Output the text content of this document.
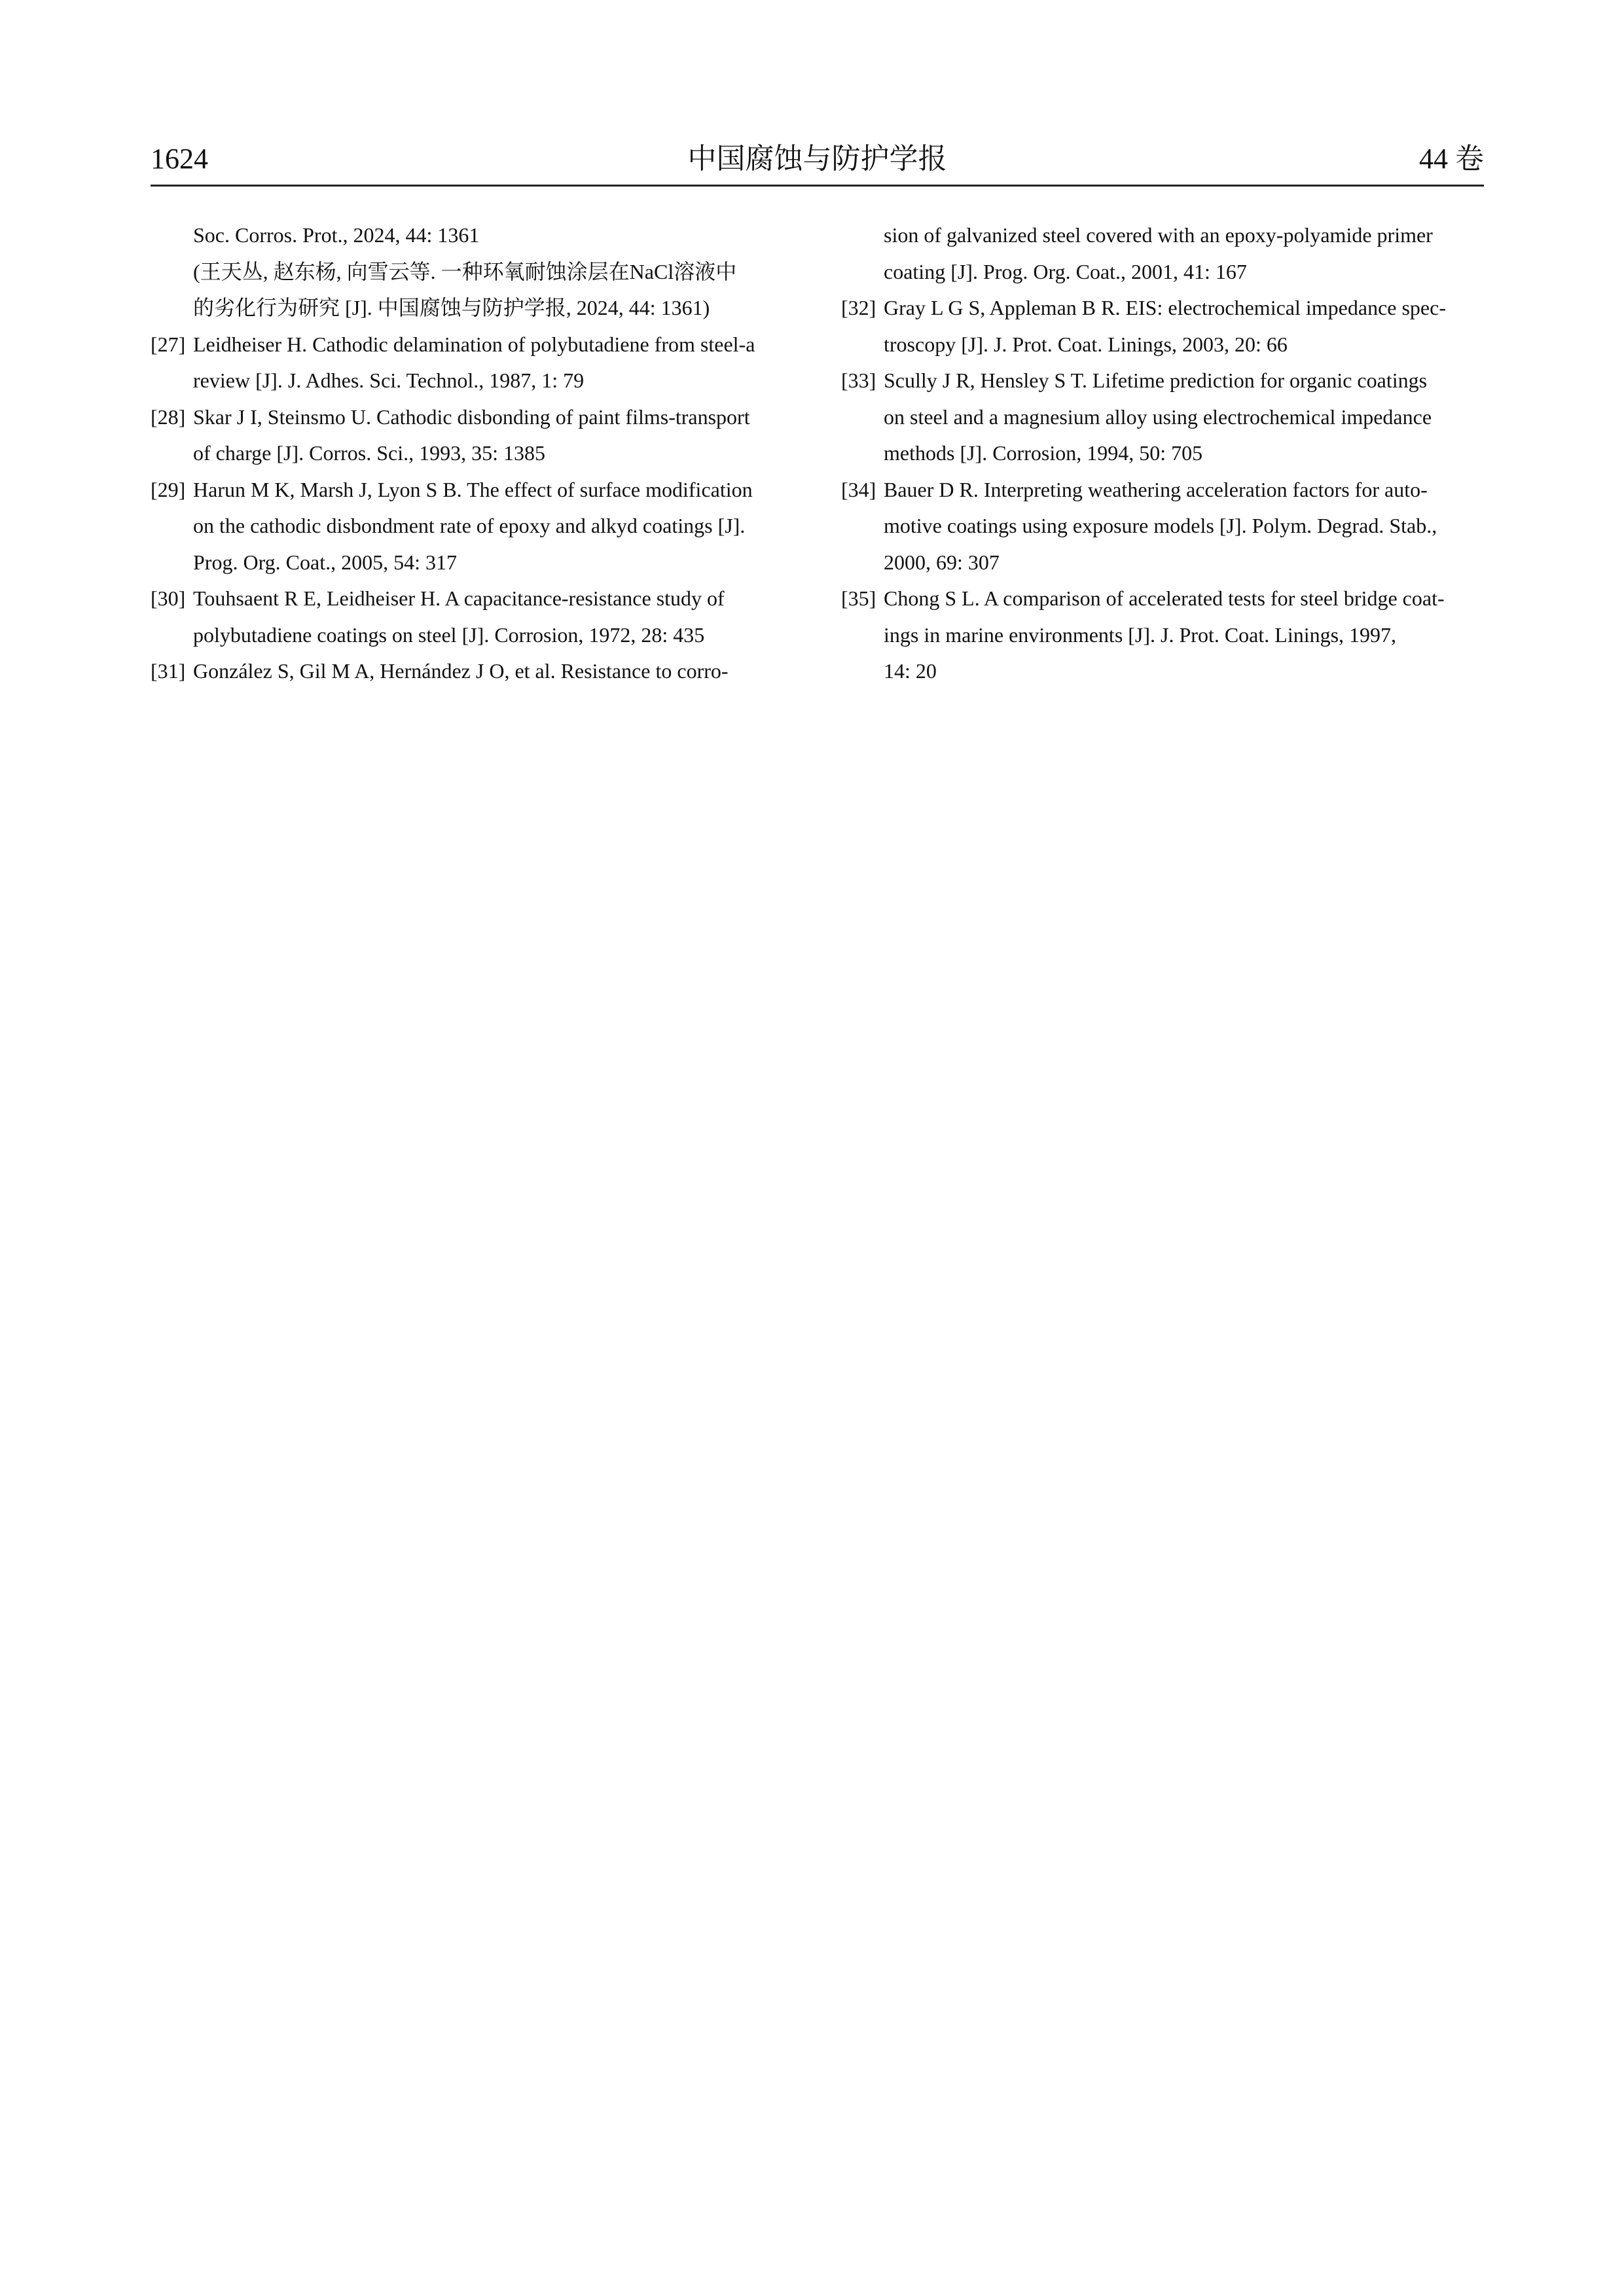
1624	中国腐蚀与防护学报	44 卷

Soc. Corros. Prot., 2024, 44: 1361

(王天丛, 赵东杨, 向雪云等. 一种环氧耐蚀涂层在NaCl溶液中

的劣化行为研究 [J]. 中国腐蚀与防护学报, 2024, 44: 1361)

[27] Leidheiser H. Cathodic delamination of polybutadiene from steel-a

review [J]. J. Adhes. Sci. Technol., 1987, 1: 79

[28] Skar J I, Steinsmo U. Cathodic disbonding of paint films-transport

of charge [J]. Corros. Sci., 1993, 35: 1385

[29] Harun M K, Marsh J, Lyon S B. The effect of surface modification

on the cathodic disbondment rate of epoxy and alkyd coatings [J].

Prog. Org. Coat., 2005, 54: 317

[30] Touhsaent R E, Leidheiser H. A capacitance-resistance study of

polybutadiene coatings on steel [J]. Corrosion, 1972, 28: 435

[31] González S, Gil M A, Hernández J O, et al. Resistance to corro-

sion of galvanized steel covered with an epoxy-polyamide primer

coating [J]. Prog. Org. Coat., 2001, 41: 167

[32] Gray L G S, Appleman B R. EIS: electrochemical impedance spec-

troscopy [J]. J. Prot. Coat. Linings, 2003, 20: 66

[33] Scully J R, Hensley S T. Lifetime prediction for organic coatings

on steel and a magnesium alloy using electrochemical impedance

methods [J]. Corrosion, 1994, 50: 705

[34] Bauer D R. Interpreting weathering acceleration factors for auto-

motive coatings using exposure models [J]. Polym. Degrad. Stab.,

2000, 69: 307

[35] Chong S L. A comparison of accelerated tests for steel bridge coat-

ings in marine environments [J]. J. Prot. Coat. Linings, 1997,

14: 20
